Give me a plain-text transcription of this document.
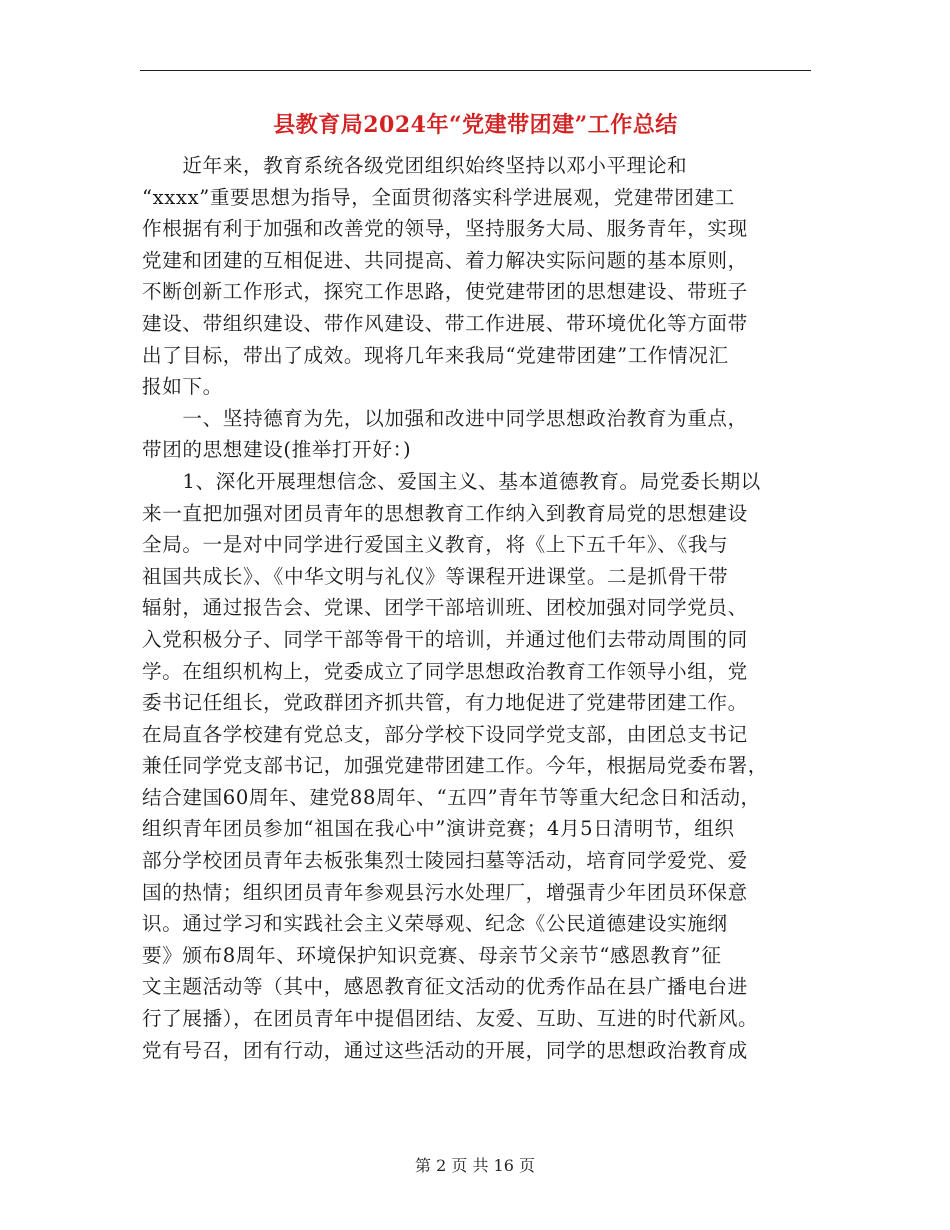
县教育局2024年“党建带团建”工作总结
　　近年来，教育系统各级党团组织始终坚持以邓小平理论和
“xxxx”重要思想为指导，全面贯彻落实科学进展观，党建带团建工
作根据有利于加强和改善党的领导，坚持服务大局、服务青年，实现
党建和团建的互相促进、共同提高、着力解决实际问题的基本原则，
不断创新工作形式，探究工作思路，使党建带团的思想建设、带班子
建设、带组织建设、带作风建设、带工作进展、带环境优化等方面带
出了目标，带出了成效。现将几年来我局“党建带团建”工作情况汇
报如下。
　　一、坚持德育为先，以加强和改进中同学思想政治教育为重点，
带团的思想建设(推举打开好：)
　　1、深化开展理想信念、爱国主义、基本道德教育。局党委长期以
来一直把加强对团员青年的思想教育工作纳入到教育局党的思想建设
全局。一是对中同学进行爱国主义教育，将《上下五千年》、《我与
祖国共成长》、《中华文明与礼仪》等课程开进课堂。二是抓骨干带
辐射，通过报告会、党课、团学干部培训班、团校加强对同学党员、
入党积极分子、同学干部等骨干的培训，并通过他们去带动周围的同
学。在组织机构上，党委成立了同学思想政治教育工作领导小组，党
委书记任组长，党政群团齐抓共管，有力地促进了党建带团建工作。
在局直各学校建有党总支，部分学校下设同学党支部，由团总支书记
兼任同学党支部书记，加强党建带团建工作。今年，根据局党委布署，
结合建国60周年、建党88周年、“五四”青年节等重大纪念日和活动，
组织青年团员参加“祖国在我心中”演讲竞赛；4月5日清明节，组织
部分学校团员青年去板张集烈士陵园扫墓等活动，培育同学爱党、爱
国的热情；组织团员青年参观县污水处理厂，增强青少年团员环保意
识。通过学习和实践社会主义荣辱观、纪念《公民道德建设实施纲
要》颁布8周年、环境保护知识竞赛、母亲节父亲节“感恩教育”征
文主题活动等（其中，感恩教育征文活动的优秀作品在县广播电台进
行了展播），在团员青年中提倡团结、友爱、互助、互进的时代新风。
党有号召，团有行动，通过这些活动的开展，同学的思想政治教育成
第 2 页 共 16 页
